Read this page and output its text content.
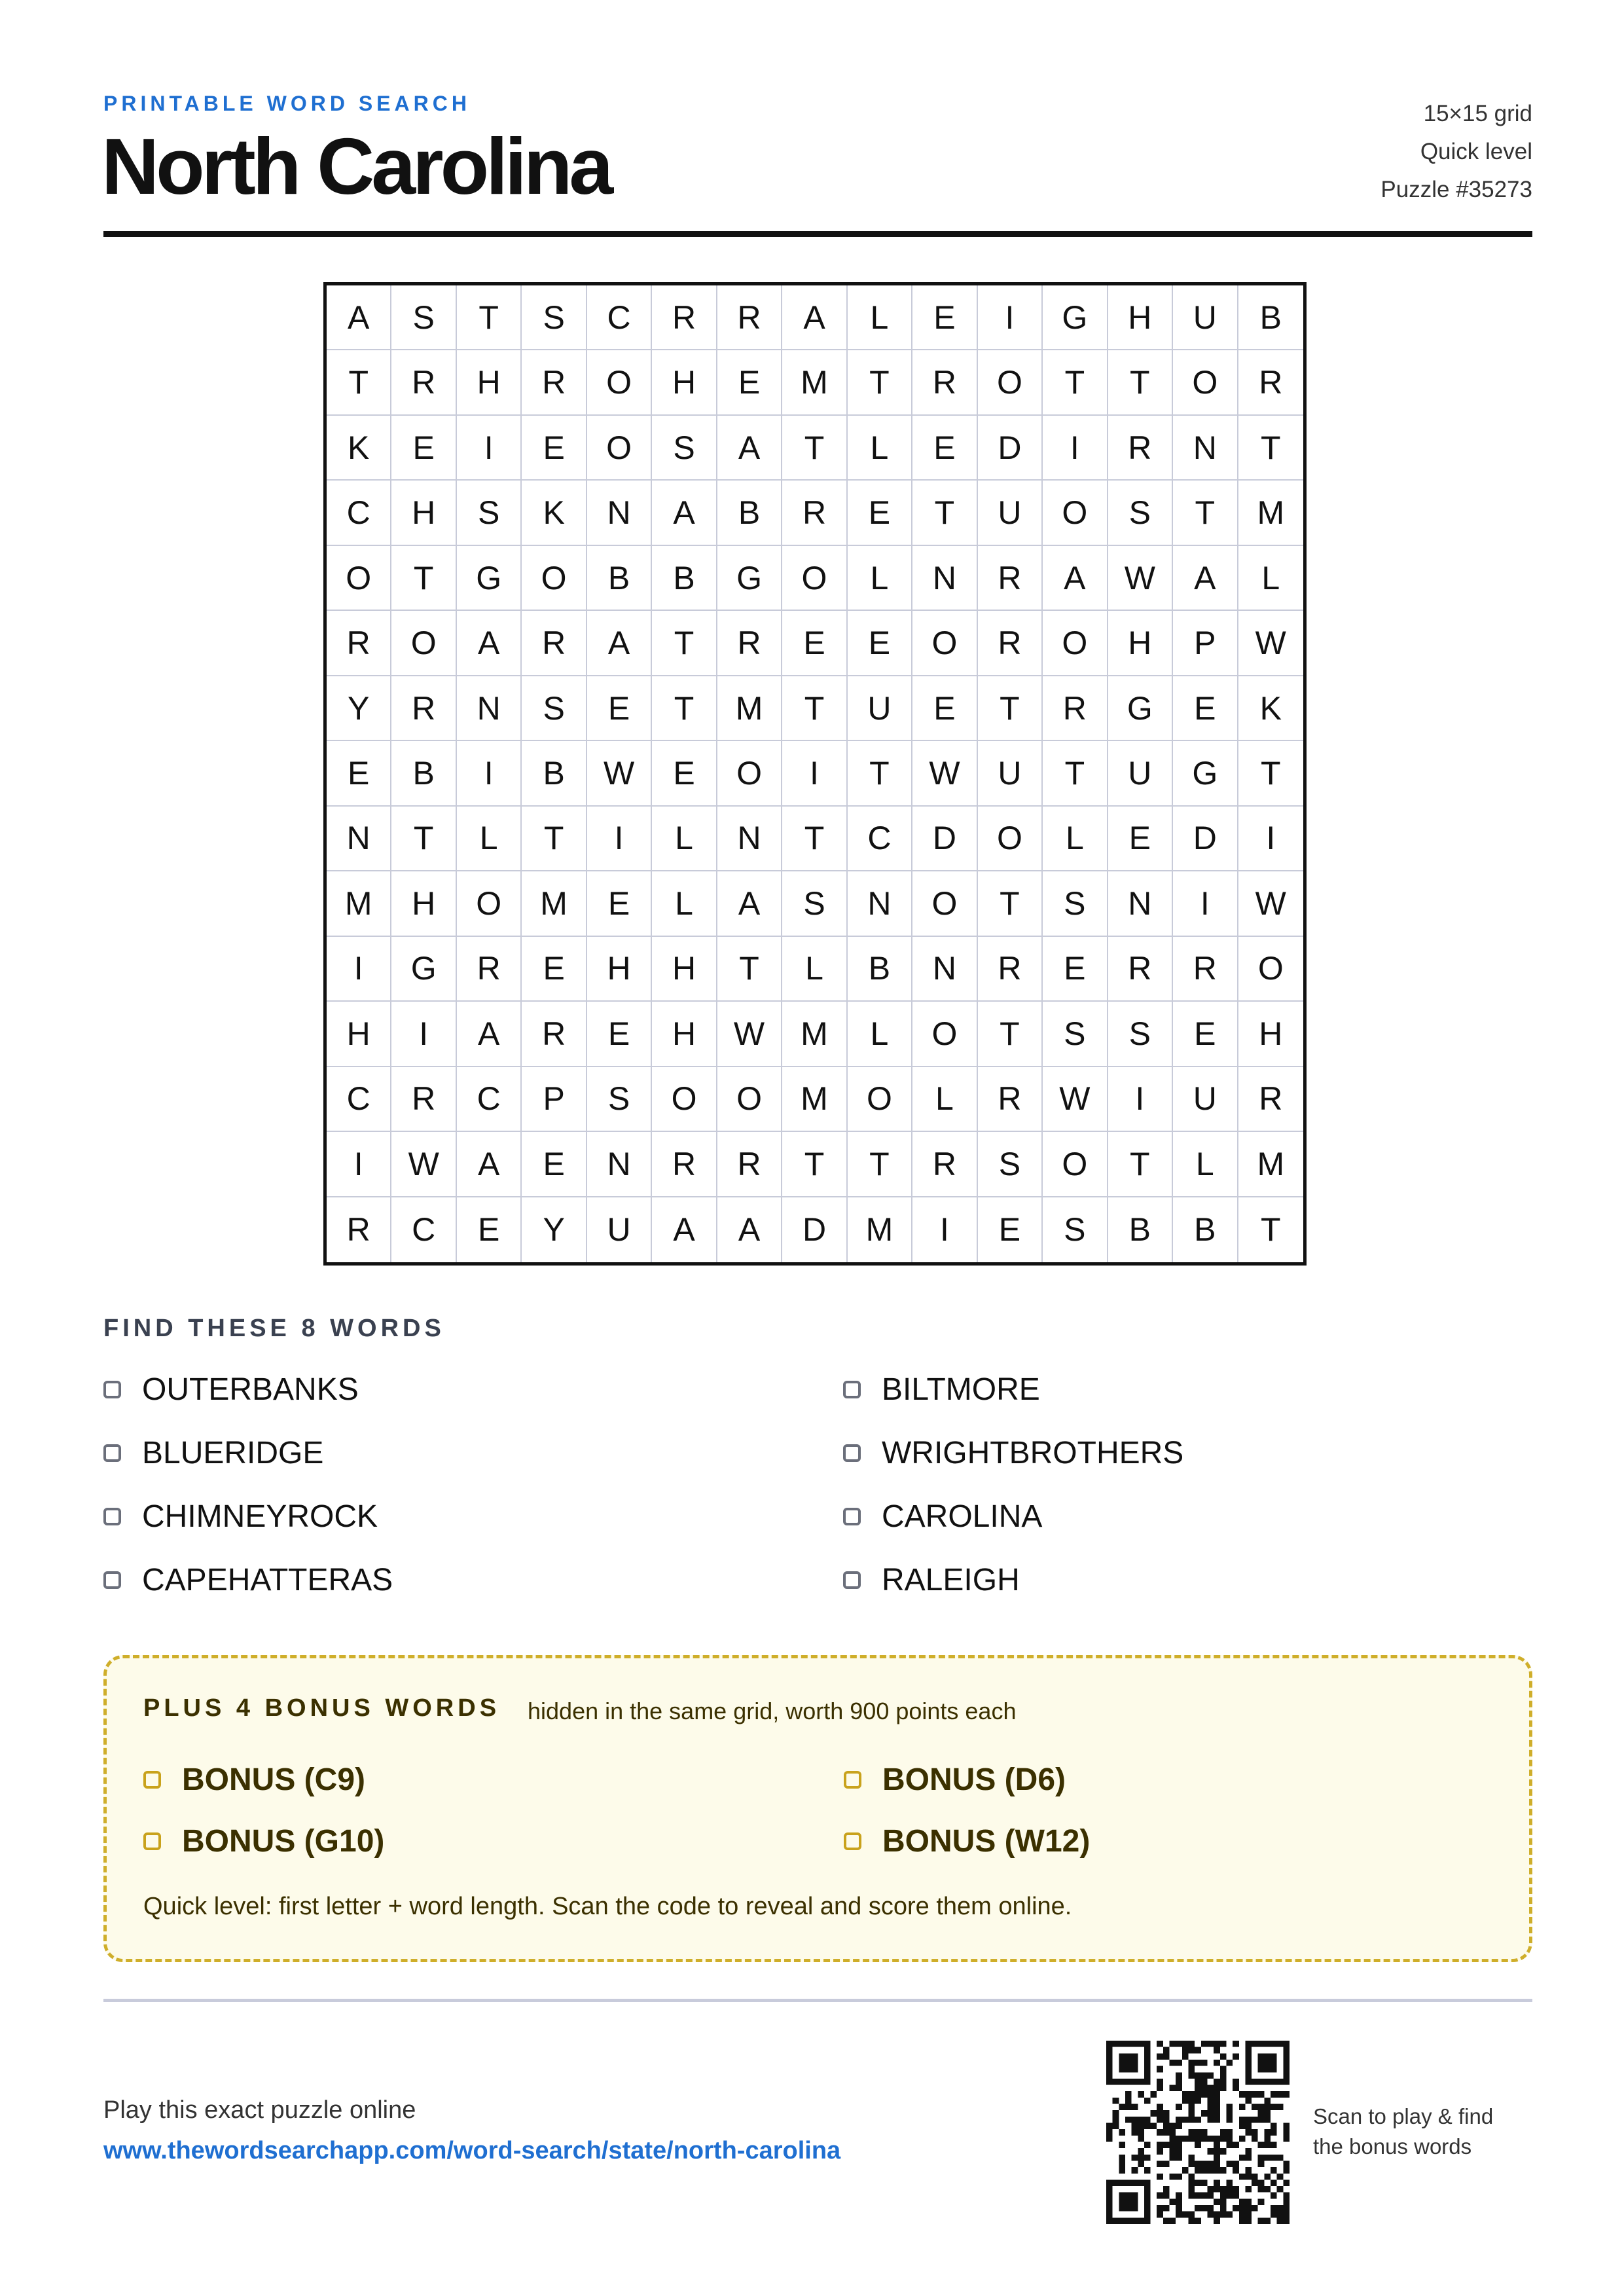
PRINTABLE WORD SEARCH
North Carolina
15×15 grid
Quick level
Puzzle #35273
A	S	T	S	C	R	R	A	L	E	I	G	H	U	B
T	R	H	R	O	H	E	M	T	R	O	T	T	O	R
K	E	I	E	O	S	A	T	L	E	D	I	R	N	T
C	H	S	K	N	A	B	R	E	T	U	O	S	T	M
O	T	G	O	B	B	G	O	L	N	R	A	W	A	L
R	O	A	R	A	T	R	E	E	O	R	O	H	P	W
Y	R	N	S	E	T	M	T	U	E	T	R	G	E	K
E	B	I	B	W	E	O	I	T	W	U	T	U	G	T
N	T	L	T	I	L	N	T	C	D	O	L	E	D	I
M	H	O	M	E	L	A	S	N	O	T	S	N	I	W
I	G	R	E	H	H	T	L	B	N	R	E	R	R	O
H	I	A	R	E	H	W	M	L	O	T	S	S	E	H
C	R	C	P	S	O	O	M	O	L	R	W	I	U	R
I	W	A	E	N	R	R	T	T	R	S	O	T	L	M
R	C	E	Y	U	A	A	D	M	I	E	S	B	B	T
FIND THESE 8 WORDS
OUTERBANKS	BILTMORE
BLUERIDGE	WRIGHTBROTHERS
CHIMNEYROCK	CAROLINA
CAPEHATTERAS	RALEIGH
PLUS 4 BONUS WORDS hidden in the same grid, worth 900 points each
BONUS (C9)	BONUS (D6)
BONUS (G10)	BONUS (W12)
Quick level: first letter + word length. Scan the code to reveal and score them online.
Play this exact puzzle online
www.thewordsearchapp.com/word-search/state/north-carolina
Scan to play & find
the bonus words
